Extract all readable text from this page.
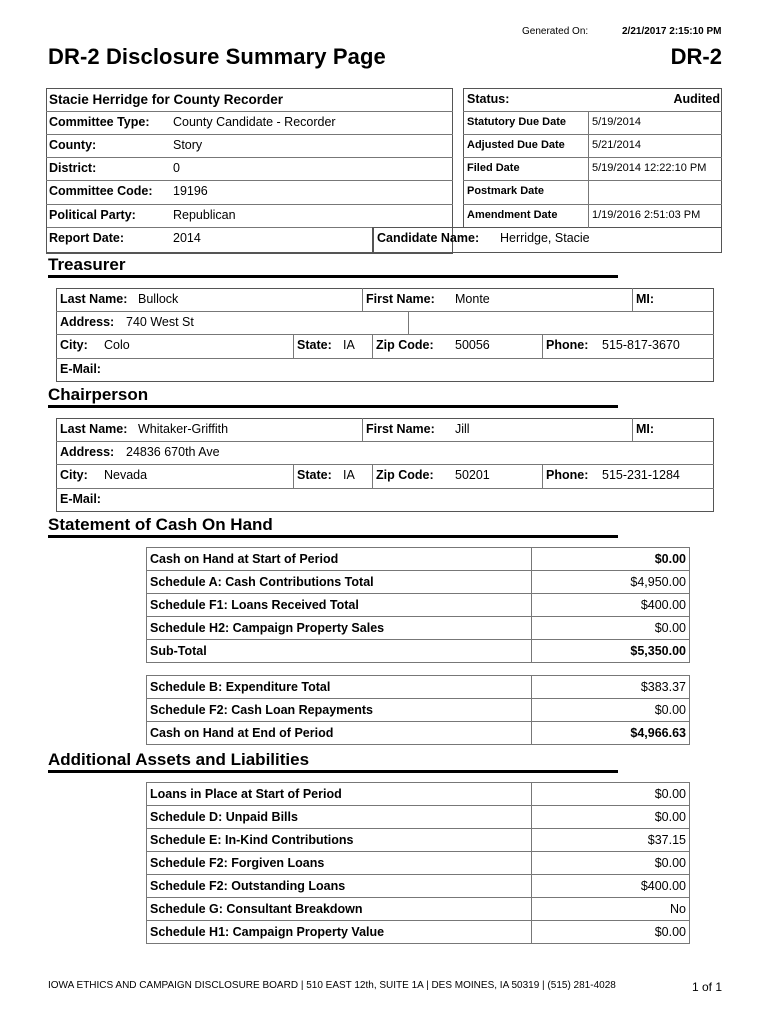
Generated On:	2/21/2017 2:15:10 PM
DR-2 Disclosure Summary Page	DR-2
Stacie Herridge for County Recorder
Committee Type: County Candidate - Recorder
County:	Story
District:	0
Committee Code: 19196
Political Party:	Republican
Report Date:	2014	Candidate Name: Herridge, Stacie
Status:	Audited
Statutory Due Date 5/19/2014
Adjusted Due Date 5/21/2014
Filed Date	5/19/2014 12:22:10 PM
Postmark Date
Amendment Date	1/19/2016 2:51:03 PM
Treasurer
Last Name: Bullock	First Name: Monte	MI:
Address: 740 West St
City: Colo	State: IA Zip Code: 50056	Phone: 515-817-3670
E-Mail:
Chairperson
Last Name: Whitaker-Griffith	First Name: Jill	MI:
Address: 24836 670th Ave
City: Nevada	State: IA Zip Code: 50201	Phone: 515-231-1284
E-Mail:
Statement of Cash On Hand
Cash on Hand at Start of Period	$0.00
Schedule A: Cash Contributions Total	$4,950.00
Schedule F1: Loans Received Total	$400.00
Schedule H2: Campaign Property Sales	$0.00
Sub-Total	$5,350.00
Schedule B: Expenditure Total	$383.37
Schedule F2: Cash Loan Repayments	$0.00
Cash on Hand at End of Period	$4,966.63
Additional Assets and Liabilities
Loans in Place at Start of Period	$0.00
Schedule D: Unpaid Bills	$0.00
Schedule E: In-Kind Contributions	$37.15
Schedule F2: Forgiven Loans	$0.00
Schedule F2: Outstanding Loans	$400.00
Schedule G: Consultant Breakdown	No
Schedule H1: Campaign Property Value	$0.00
IOWA ETHICS AND CAMPAIGN DISCLOSURE BOARD | 510 EAST 12th, SUITE 1A | DES MOINES, IA 50319 | (515) 281-4028	1 of 1
